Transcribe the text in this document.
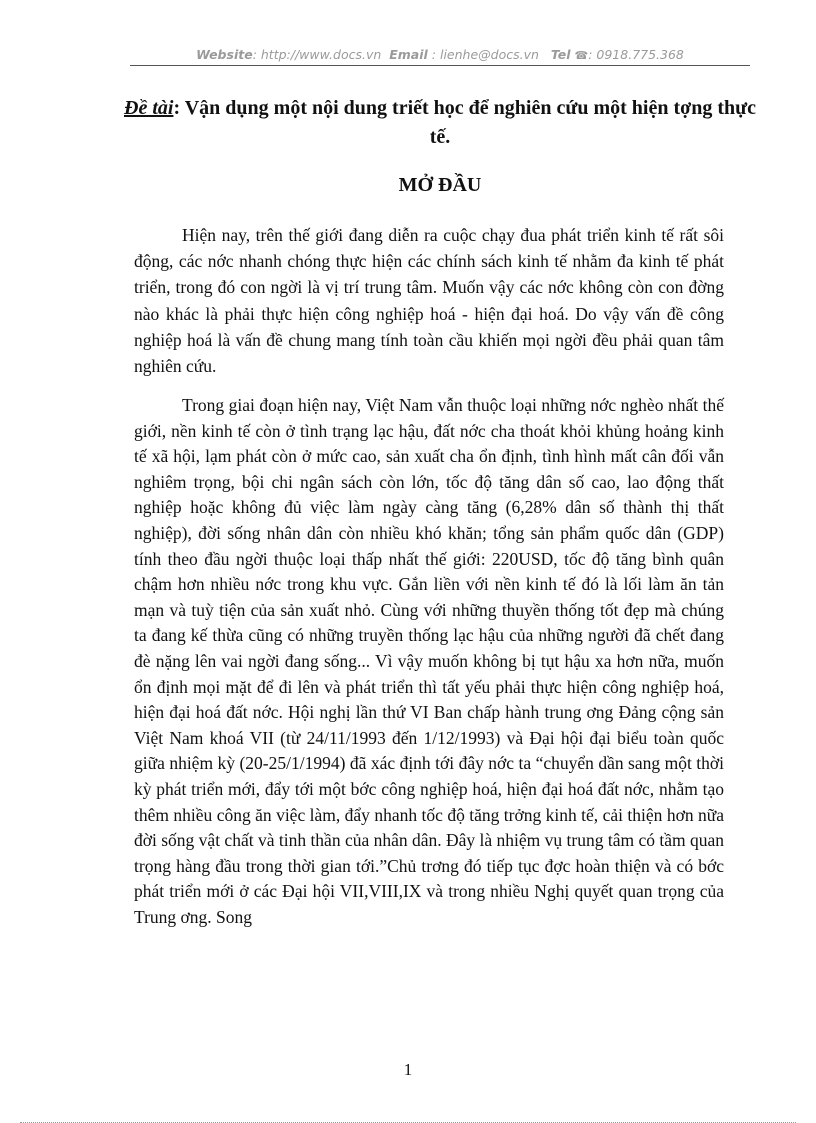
Website: http://www.docs.vn Email : lienhe@docs.vn Tel ☎: 0918.775.368
Đề tài: Vận dụng một nội dung triết học để nghiên cứu một hiện tợng thực tế.
MỞ ĐẦU

Hiện nay, trên thế giới đang diễn ra cuộc chạy đua phát triển kinh tế rất sôi động, các nớc nhanh chóng thực hiện các chính sách kinh tế nhằm đa kinh tế phát triển, trong đó con ngời là vị trí trung tâm. Muốn vậy các nớc không còn con đờng nào khác là phải thực hiện công nghiệp hoá - hiện đại hoá. Do vậy vấn đề công nghiệp hoá là vấn đề chung mang tính toàn cầu khiến mọi ngời đều phải quan tâm nghiên cứu.

Trong giai đoạn hiện nay, Việt Nam vẫn thuộc loại những nớc nghèo nhất thế giới, nền kinh tế còn ở tình trạng lạc hậu, đất nớc cha thoát khỏi khủng hoảng kinh tế xã hội, lạm phát còn ở mức cao, sản xuất cha ổn định, tình hình mất cân đối vẫn nghiêm trọng, bội chi ngân sách còn lớn, tốc độ tăng dân số cao, lao động thất nghiệp hoặc không đủ việc làm ngày càng tăng (6,28% dân số thành thị thất nghiệp), đời sống nhân dân còn nhiều khó khăn; tổng sản phẩm quốc dân (GDP) tính theo đầu ngời thuộc loại thấp nhất thế giới: 220USD, tốc độ tăng bình quân chậm hơn nhiều nớc trong khu vực. Gắn liền với nền kinh tế đó là lối làm ăn tản mạn và tuỳ tiện của sản xuất nhỏ. Cùng với những thuyền thống tốt đẹp mà chúng ta đang kế thừa cũng có những truyền thống lạc hậu của những người đã chết đang đè nặng lên vai ngời đang sống... Vì vậy muốn không bị tụt hậu xa hơn nữa, muốn ổn định mọi mặt để đi lên và phát triển thì tất yếu phải thực hiện công nghiệp hoá, hiện đại hoá đất nớc. Hội nghị lần thứ VI Ban chấp hành trung ơng Đảng cộng sản Việt Nam khoá VII (từ 24/11/1993 đến 1/12/1993) và Đại hội đại biểu toàn quốc giữa nhiệm kỳ (20-25/1/1994) đã xác định tới đây nớc ta “chuyển dần sang một thời kỳ phát triển mới, đẩy tới một bớc công nghiệp hoá, hiện đại hoá đất nớc, nhằm tạo thêm nhiều công ăn việc làm, đẩy nhanh tốc độ tăng trởng kinh tế, cải thiện hơn nữa đời sống vật chất và tinh thần của nhân dân. Đây là nhiệm vụ trung tâm có tầm quan trọng hàng đầu trong thời gian tới.”Chủ trơng đó tiếp tục đợc hoàn thiện và có bớc phát triển mới ở các Đại hội VII,VIII,IX và trong nhiều Nghị quyết quan trọng của Trung ơng. Song

1
